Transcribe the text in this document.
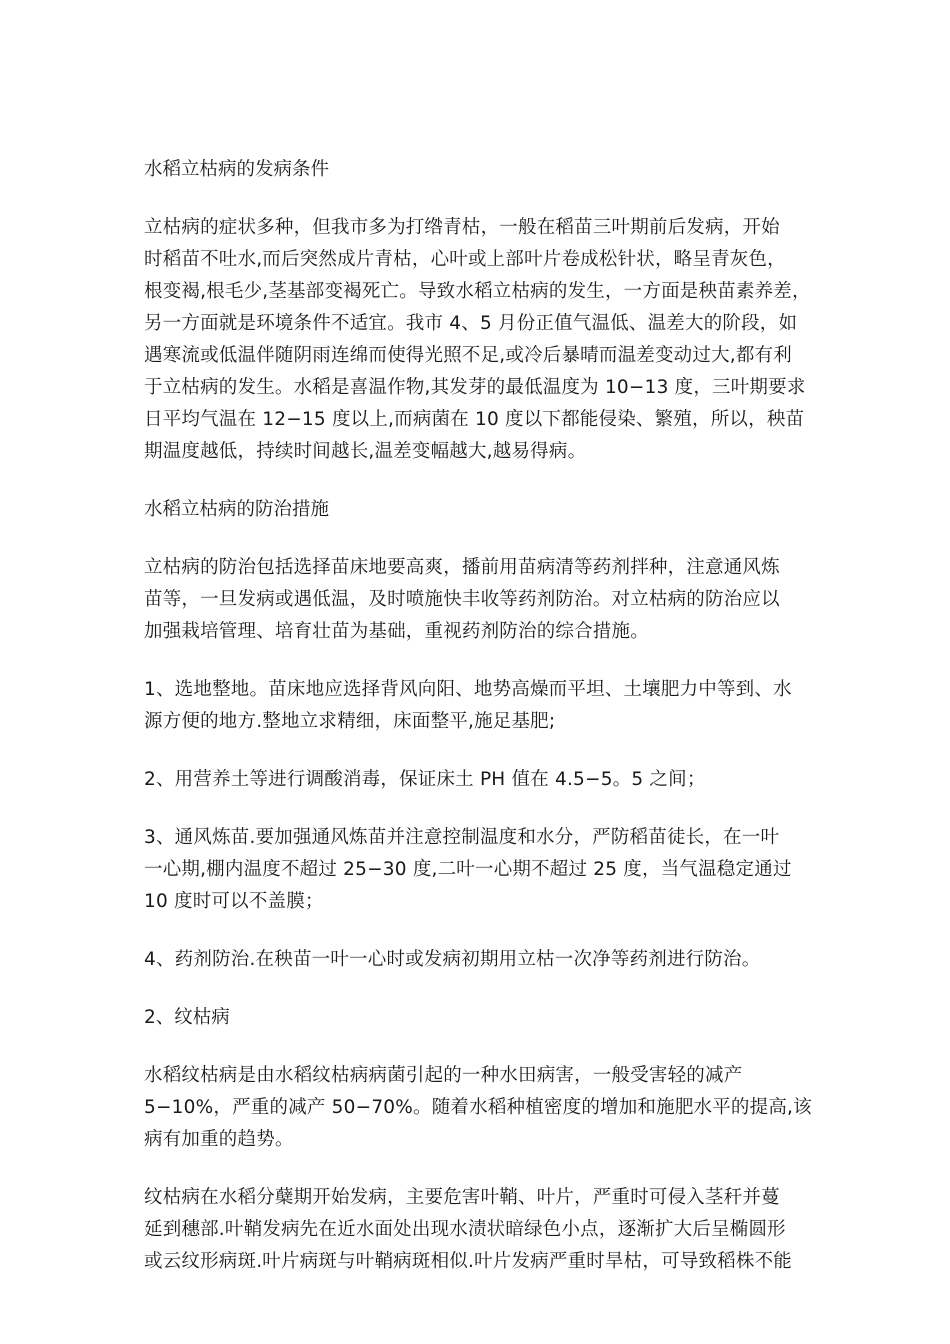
水稻立枯病的发病条件

立枯病的症状多种，但我市多为打绺青枯，一般在稻苗三叶期前后发病，开始
时稻苗不吐水,而后突然成片青枯，心叶或上部叶片卷成松针状，略呈青灰色，
根变褐,根毛少,茎基部变褐死亡。导致水稻立枯病的发生，一方面是秧苗素养差，
另一方面就是环境条件不适宜。我市 4、5 月份正值气温低、温差大的阶段，如
遇寒流或低温伴随阴雨连绵而使得光照不足,或冷后暴晴而温差变动过大,都有利
于立枯病的发生。水稻是喜温作物,其发芽的最低温度为 10−13 度，三叶期要求
日平均气温在 12−15 度以上,而病菌在 10 度以下都能侵染、繁殖，所以，秧苗
期温度越低，持续时间越长,温差变幅越大,越易得病。

水稻立枯病的防治措施

立枯病的防治包括选择苗床地要高爽，播前用苗病清等药剂拌种，注意通风炼
苗等，一旦发病或遇低温，及时喷施快丰收等药剂防治。对立枯病的防治应以
加强栽培管理、培育壮苗为基础，重视药剂防治的综合措施。

1、选地整地。苗床地应选择背风向阳、地势高燥而平坦、土壤肥力中等到、水
源方便的地方.整地立求精细，床面整平,施足基肥;

2、用营养土等进行调酸消毒，保证床土 PH 值在 4.5−5。5 之间；

3、通风炼苗.要加强通风炼苗并注意控制温度和水分，严防稻苗徒长，在一叶
一心期,棚内温度不超过 25−30 度,二叶一心期不超过 25 度，当气温稳定通过
10 度时可以不盖膜；

4、药剂防治.在秧苗一叶一心时或发病初期用立枯一次净等药剂进行防治。

2、纹枯病

水稻纹枯病是由水稻纹枯病病菌引起的一种水田病害，一般受害轻的减产
5−10%，严重的减产 50−70%。随着水稻种植密度的增加和施肥水平的提高,该
病有加重的趋势。

纹枯病在水稻分蘖期开始发病，主要危害叶鞘、叶片，严重时可侵入茎秆并蔓
延到穗部.叶鞘发病先在近水面处出现水渍状暗绿色小点，逐渐扩大后呈椭圆形
或云纹形病斑.叶片病斑与叶鞘病斑相似.叶片发病严重时旱枯，可导致稻株不能
